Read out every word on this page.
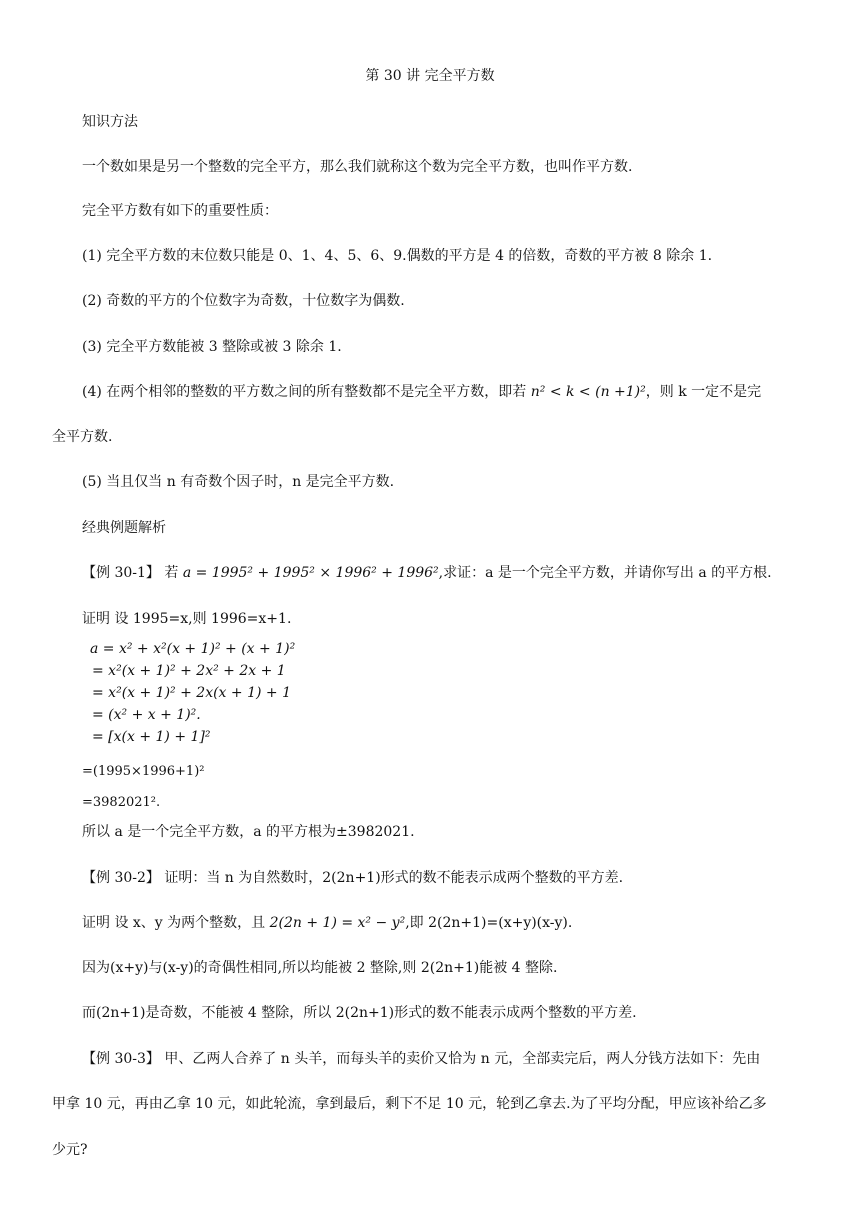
第 30 讲 完全平方数
知识方法
一个数如果是另一个整数的完全平方，那么我们就称这个数为完全平方数，也叫作平方数.
完全平方数有如下的重要性质：
(1) 完全平方数的末位数只能是 0、1、4、5、6、9.偶数的平方是 4 的倍数，奇数的平方被 8 除余 1.
(2) 奇数的平方的个位数字为奇数，十位数字为偶数.
(3) 完全平方数能被 3 整除或被 3 除余 1.
(4) 在两个相邻的整数的平方数之间的所有整数都不是完全平方数，即若 n² < k < (n +1)²，则 k 一定不是完
全平方数.
(5) 当且仅当 n 有奇数个因子时，n 是完全平方数.
经典例题解析
【例 30-1】 若 a = 1995² + 1995² × 1996² + 1996²,求证：a 是一个完全平方数，并请你写出 a 的平方根.
证明 设 1995=x,则 1996=x+1.
a = x² + x²(x + 1)² + (x + 1)²
= x²(x + 1)² + 2x² + 2x + 1
= x²(x + 1)² + 2x(x + 1) + 1
= (x² + x + 1)².
= [x(x + 1) + 1]²
=(1995×1996+1)²
=3982021².
所以 a 是一个完全平方数，a 的平方根为±3982021.
【例 30-2】 证明：当 n 为自然数时，2(2n+1)形式的数不能表示成两个整数的平方差.
证明 设 x、y 为两个整数，且 2(2n + 1) = x² − y²,即 2(2n+1)=(x+y)(x-y).
因为(x+y)与(x-y)的奇偶性相同,所以均能被 2 整除,则 2(2n+1)能被 4 整除.
而(2n+1)是奇数，不能被 4 整除，所以 2(2n+1)形式的数不能表示成两个整数的平方差.
【例 30-3】 甲、乙两人合养了 n 头羊，而每头羊的卖价又恰为 n 元，全部卖完后，两人分钱方法如下：先由
甲拿 10 元，再由乙拿 10 元，如此轮流，拿到最后，剩下不足 10 元，轮到乙拿去.为了平均分配，甲应该补给乙多
少元?
